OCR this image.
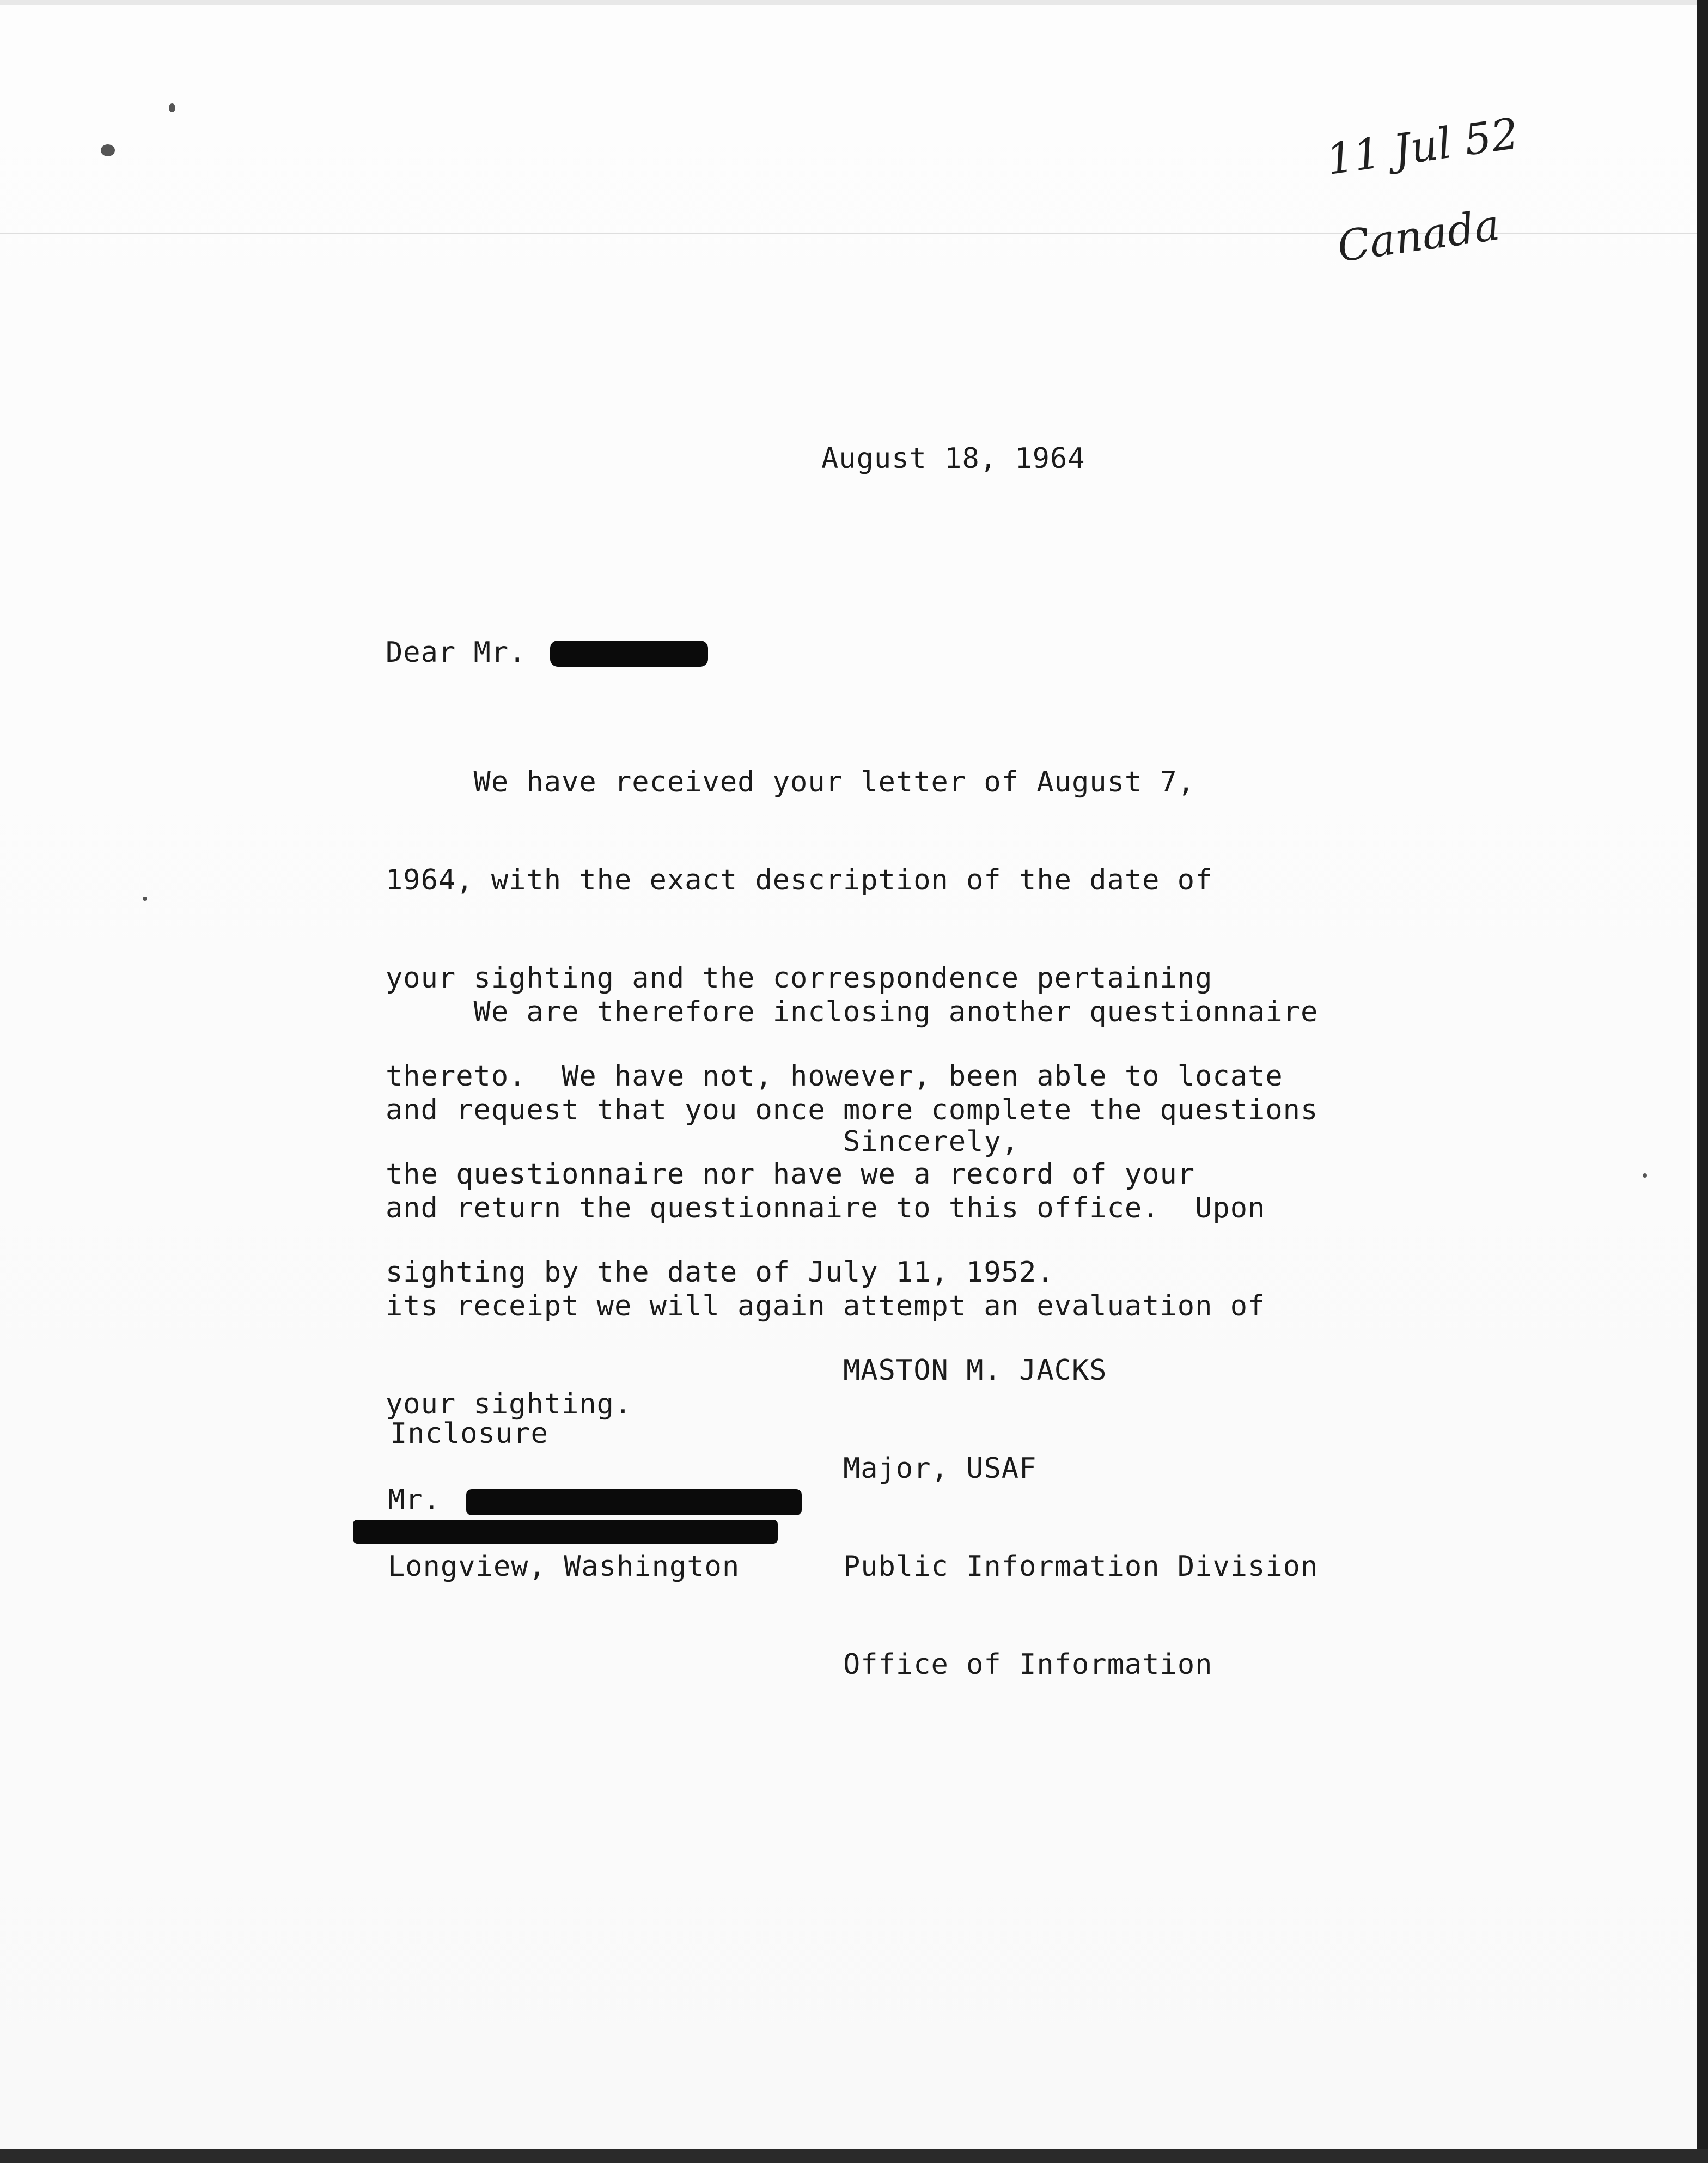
11 Jul 52
Canada
August 18, 1964
Dear Mr.

We have received your letter of August 7,

1964, with the exact description of the date of

your sighting and the correspondence pertaining

thereto.  We have not, however, been able to locate

the questionnaire nor have we a record of your

sighting by the date of July 11, 1952.

We are therefore inclosing another questionnaire

and request that you once more complete the questions

and return the questionnaire to this office.  Upon

its receipt we will again attempt an evaluation of

your sighting.

Sincerely,

MASTON M. JACKS

Major, USAF

Public Information Division

Office of Information

Inclosure
Mr.
Longview, Washington
